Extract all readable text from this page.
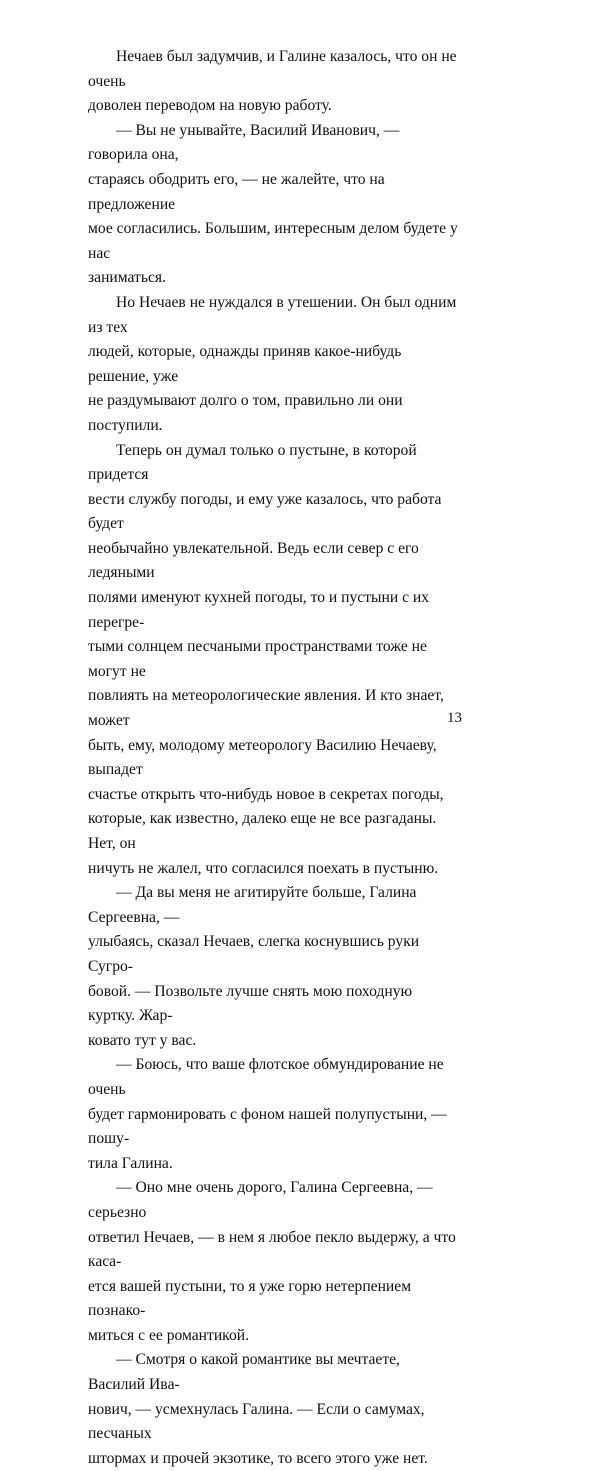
Нечаев был задумчив, и Галине казалось, что он не очень
доволен переводом на новую работу.

— Вы не унывайте, Василий Иванович, — говорила она,
стараясь ободрить его, — не жалейте, что на предложение
мое согласились. Большим, интересным делом будете у нас
заниматься.

Но Нечаев не нуждался в утешении. Он был одним из тех
людей, которые, однажды приняв какое-нибудь решение, уже
не раздумывают долго о том, правильно ли они поступили.

Теперь он думал только о пустыне, в которой придется
вести службу погоды, и ему уже казалось, что работа будет
необычайно увлекательной. Ведь если север с его ледяными
полями именуют кухней погоды, то и пустыни с их перегре-
тыми солнцем песчаными пространствами тоже не могут не
повлиять на метеорологические явления. И кто знает, может
быть, ему, молодому метеорологу Василию Нечаеву, выпадет
счастье открыть что-нибудь новое в секретах погоды,
которые, как известно, далеко еще не все разгаданы. Нет, он
ничуть не жалел, что согласился поехать в пустыню.

— Да вы меня не агитируйте больше, Галина Сергеевна, —
улыбаясь, сказал Нечаев, слегка коснувшись руки Сугро-
бовой. — Позвольте лучше снять мою походную куртку. Жар-
ковато тут у вас.

— Боюсь, что ваше флотское обмундирование не очень
будет гармонировать с фоном нашей полупустыни, — пошу-
тила Галина.

— Оно мне очень дорого, Галина Сергеевна, — серьезно
ответил Нечаев, — в нем я любое пекло выдержу, а что касa-
ется вашей пустыни, то я уже горю нетерпением познако-
миться с ее романтикой.

— Смотря о какой романтике вы мечтаете, Василий Ивa-
нович, — усмехнулась Галина. — Если о самумах, песчаных
штормах и прочей экзотике, то всего этого уже нет.

13
